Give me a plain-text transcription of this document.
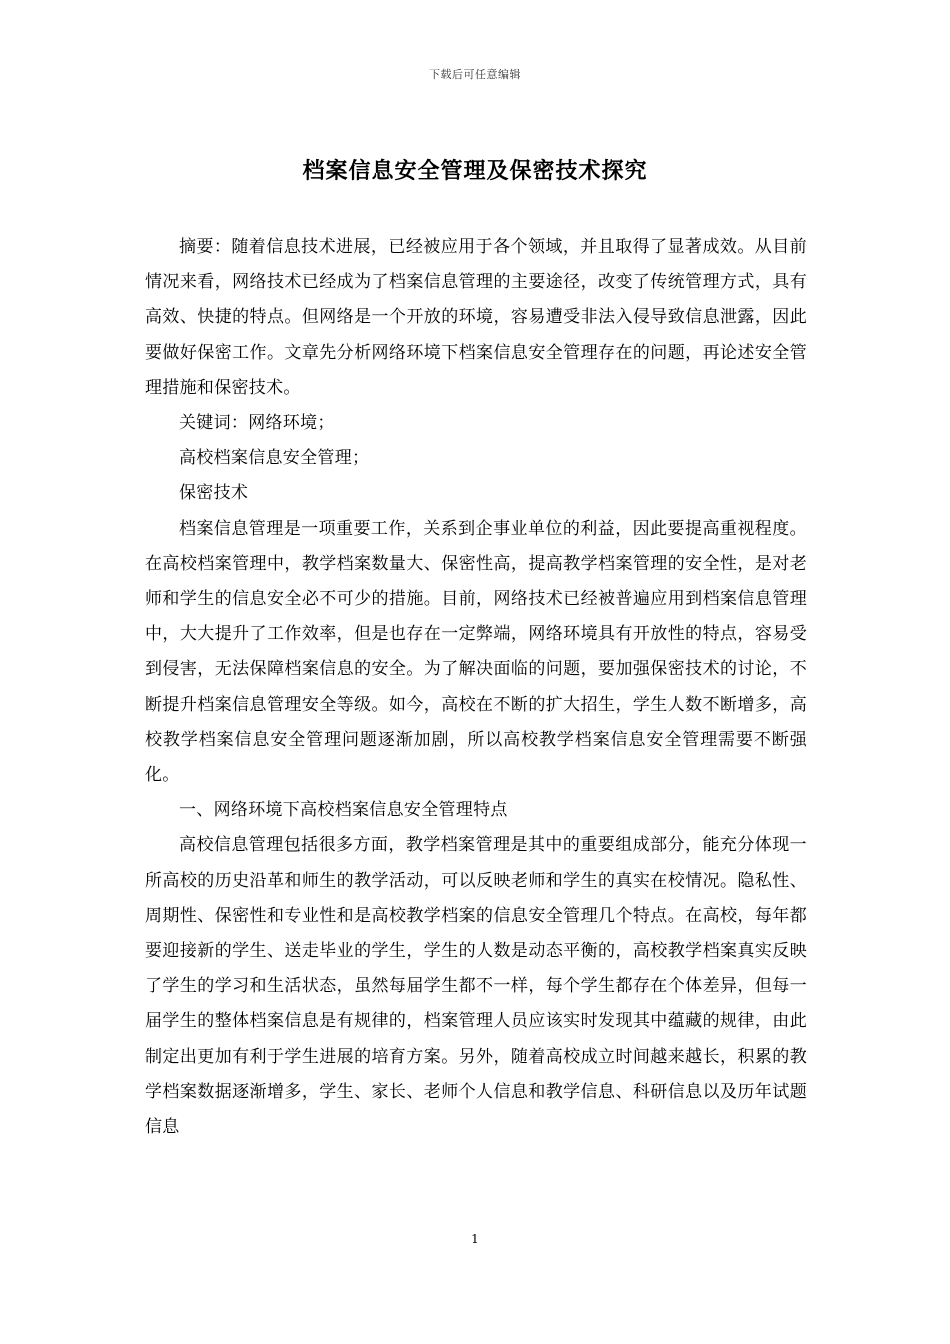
下载后可任意编辑
档案信息安全管理及保密技术探究

摘要：随着信息技术进展，已经被应用于各个领域，并且取得了显著成效。从目前情况来看，网络技术已经成为了档案信息管理的主要途径，改变了传统管理方式，具有高效、快捷的特点。但网络是一个开放的环境，容易遭受非法入侵导致信息泄露，因此要做好保密工作。文章先分析网络环境下档案信息安全管理存在的问题，再论述安全管理措施和保密技术。

关键词：网络环境；

高校档案信息安全管理；

保密技术

档案信息管理是一项重要工作，关系到企事业单位的利益，因此要提高重视程度。在高校档案管理中，教学档案数量大、保密性高，提高教学档案管理的安全性，是对老师和学生的信息安全必不可少的措施。目前，网络技术已经被普遍应用到档案信息管理中，大大提升了工作效率，但是也存在一定弊端，网络环境具有开放性的特点，容易受到侵害，无法保障档案信息的安全。为了解决面临的问题，要加强保密技术的讨论，不断提升档案信息管理安全等级。如今，高校在不断的扩大招生，学生人数不断增多，高校教学档案信息安全管理问题逐渐加剧，所以高校教学档案信息安全管理需要不断强化。

一、网络环境下高校档案信息安全管理特点

高校信息管理包括很多方面，教学档案管理是其中的重要组成部分，能充分体现一所高校的历史沿革和师生的教学活动，可以反映老师和学生的真实在校情况。隐私性、周期性、保密性和专业性和是高校教学档案的信息安全管理几个特点。在高校，每年都要迎接新的学生、送走毕业的学生，学生的人数是动态平衡的，高校教学档案真实反映了学生的学习和生活状态，虽然每届学生都不一样，每个学生都存在个体差异，但每一届学生的整体档案信息是有规律的，档案管理人员应该实时发现其中蕴藏的规律，由此制定出更加有利于学生进展的培育方案。另外，随着高校成立时间越来越长，积累的教学档案数据逐渐增多，学生、家长、老师个人信息和教学信息、科研信息以及历年试题信息

1
